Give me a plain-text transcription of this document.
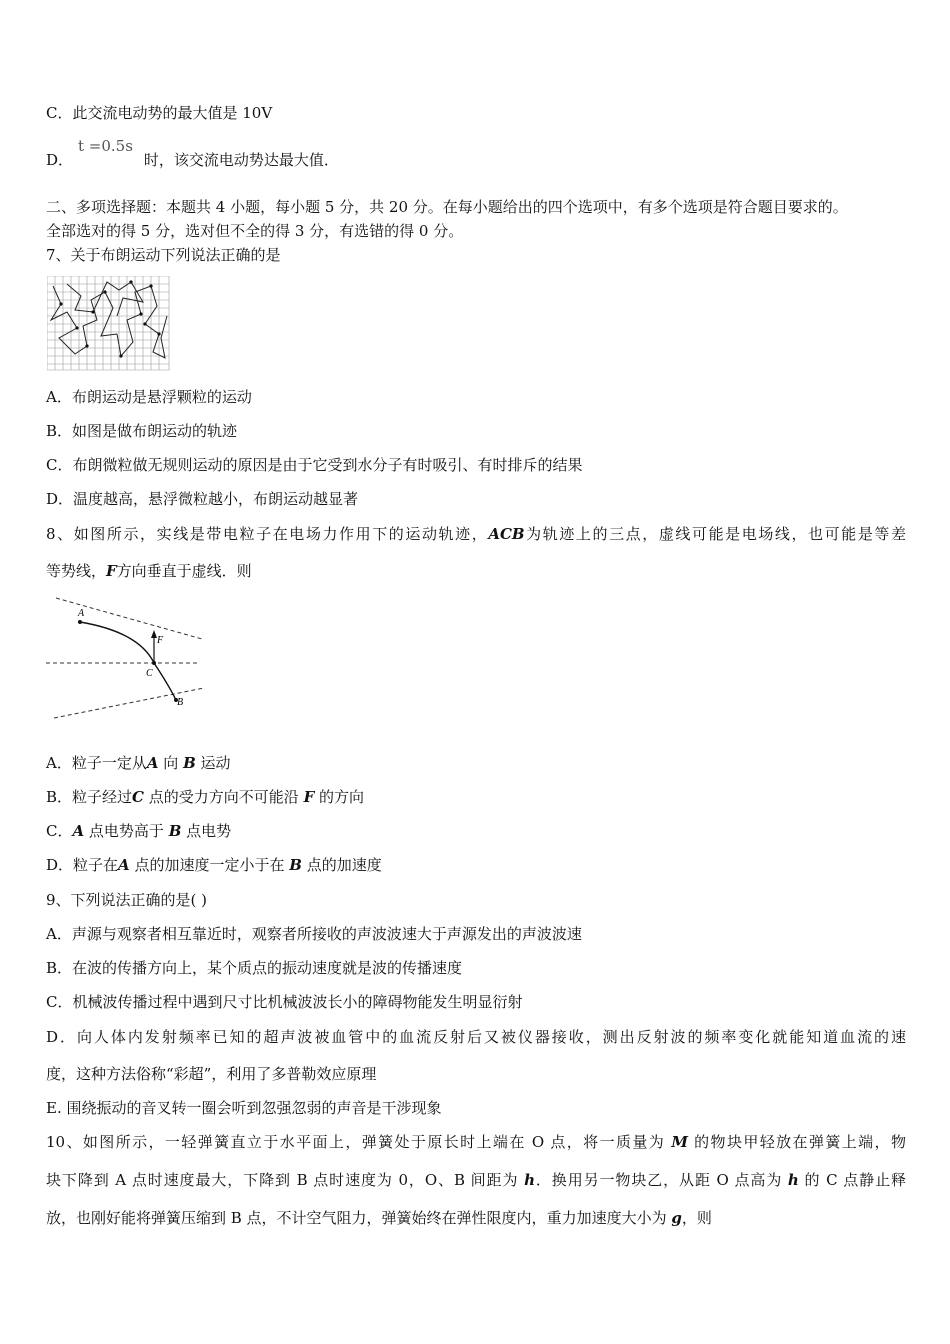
C．此交流电动势的最大值是 10V
D．	时，该交流电动势达最大值．
t =0.5s
二、多项选择题：本题共 4 小题，每小题 5 分，共 20 分。在每小题给出的四个选项中，有多个选项是符合题目要求的。
全部选对的得 5 分，选对但不全的得 3 分，有选错的得 0 分。
7、关于布朗运动下列说法正确的是
A．布朗运动是悬浮颗粒的运动
B．如图是做布朗运动的轨迹
C．布朗微粒做无规则运动的原因是由于它受到水分子有时吸引、有时排斥的结果
D．温度越高，悬浮微粒越小，布朗运动越显著
8、如图所示，实线是带电粒子在电场力作用下的运动轨迹，ACB为轨迹上的三点，虚线可能是电场线，也可能是等差
等势线，F方向垂直于虚线．则
A
F
C
B
A．粒子一定从A 向 B 运动
B．粒子经过C 点的受力方向不可能沿 F 的方向
C．A 点电势高于 B 点电势
D．粒子在A 点的加速度一定小于在 B 点的加速度
9、下列说法正确的是( )
A．声源与观察者相互靠近时，观察者所接收的声波波速大于声源发出的声波波速
B．在波的传播方向上，某个质点的振动速度就是波的传播速度
C．机械波传播过程中遇到尺寸比机械波波长小的障碍物能发生明显衍射
D．向人体内发射频率已知的超声波被血管中的血流反射后又被仪器接收，测出反射波的频率变化就能知道血流的速
度，这种方法俗称“彩超”，利用了多普勒效应原理
E. 围绕振动的音叉转一圈会听到忽强忽弱的声音是干涉现象
10、如图所示，一轻弹簧直立于水平面上，弹簧处于原长时上端在 O 点，将一质量为 M 的物块甲轻放在弹簧上端，物
块下降到 A 点时速度最大，下降到 B 点时速度为 0，O、B 间距为 h．换用另一物块乙，从距 O 点高为 h 的 C 点静止释
放，也刚好能将弹簧压缩到 B 点，不计空气阻力，弹簧始终在弹性限度内，重力加速度大小为 g，则
